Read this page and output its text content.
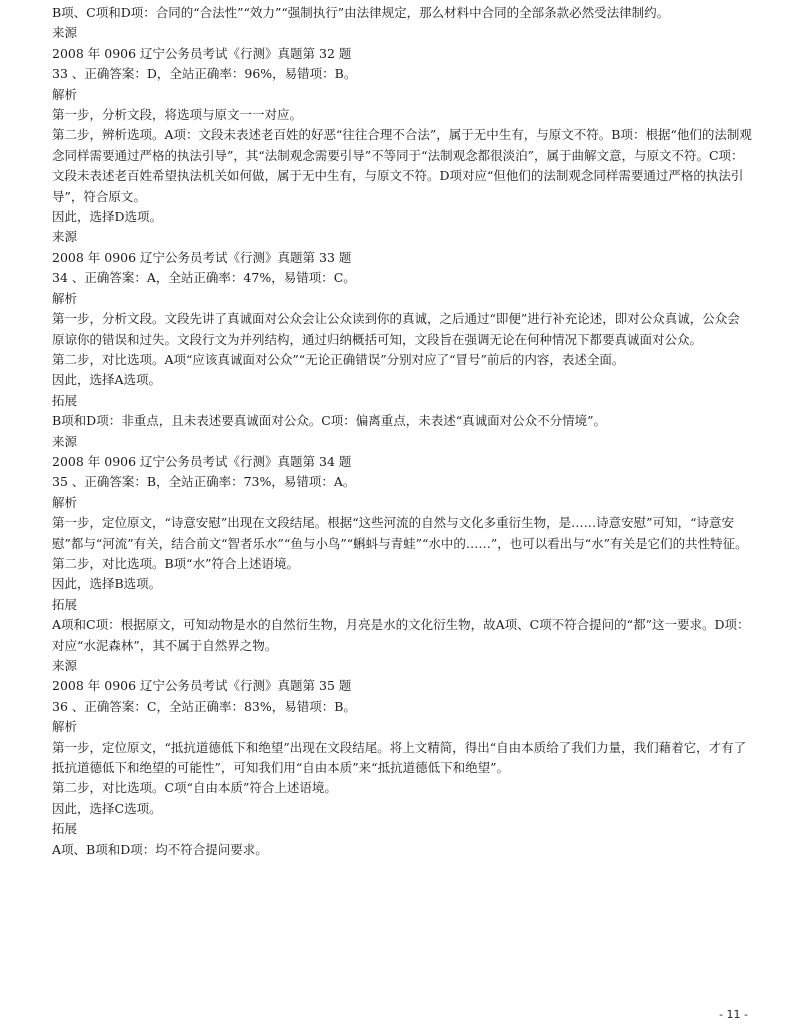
B项、C项和D项：合同的“合法性”“效力”“强制执行”由法律规定，那么材料中合同的全部条款必然受法律制约。

来源

2008 年 0906 辽宁公务员考试《行测》真题第 32 题

33 、正确答案：D，全站正确率：96%，易错项：B。

解析

第一步，分析文段，将选项与原文一一对应。

第二步，辨析选项。A项：文段未表述老百姓的好恶“往往合理不合法”，属于无中生有，与原文不符。B项：根据“他们的法制观念同样需要通过严格的执法引导”，其“法制观念需要引导”不等同于“法制观念都很淡泊”，属于曲解文意，与原文不符。C项：文段未表述老百姓希望执法机关如何做，属于无中生有，与原文不符。D项对应“但他们的法制观念同样需要通过严格的执法引导”，符合原文。

因此，选择D选项。

来源

2008 年 0906 辽宁公务员考试《行测》真题第 33 题

34 、正确答案：A，全站正确率：47%，易错项：C。

解析

第一步，分析文段。文段先讲了真诚面对公众会让公众读到你的真诚，之后通过“即便”进行补充论述，即对公众真诚，公众会原谅你的错误和过失。文段行文为并列结构，通过归纳概括可知，文段旨在强调无论在何种情况下都要真诚面对公众。

第二步，对比选项。A项“应该真诚面对公众”“无论正确错误”分别对应了“冒号”前后的内容，表述全面。

因此，选择A选项。

拓展

B项和D项：非重点，且未表述要真诚面对公众。C项：偏离重点，未表述“真诚面对公众不分情境”。

来源

2008 年 0906 辽宁公务员考试《行测》真题第 34 题

35 、正确答案：B，全站正确率：73%，易错项：A。

解析

第一步，定位原文，“诗意安慰”出现在文段结尾。根据“这些河流的自然与文化多重衍生物，是……诗意安慰”可知，“诗意安慰”都与“河流”有关，结合前文“智者乐水”“鱼与小鸟”“蝌蚪与青蛙”“水中的……”，也可以看出与“水”有关是它们的共性特征。

第二步，对比选项。B项“水”符合上述语境。

因此，选择B选项。

拓展

A项和C项：根据原文，可知动物是水的自然衍生物，月亮是水的文化衍生物，故A项、C项不符合提问的“都”这一要求。D项：对应“水泥森林”，其不属于自然界之物。

来源

2008 年 0906 辽宁公务员考试《行测》真题第 35 题

36 、正确答案：C，全站正确率：83%，易错项：B。

解析

第一步，定位原文，“抵抗道德低下和绝望”出现在文段结尾。将上文精简，得出“自由本质给了我们力量，我们藉着它，才有了抵抗道德低下和绝望的可能性”，可知我们用“自由本质”来“抵抗道德低下和绝望”。

第二步，对比选项。C项“自由本质”符合上述语境。

因此，选择C选项。

拓展

A项、B项和D项：均不符合提问要求。

- 11 -
